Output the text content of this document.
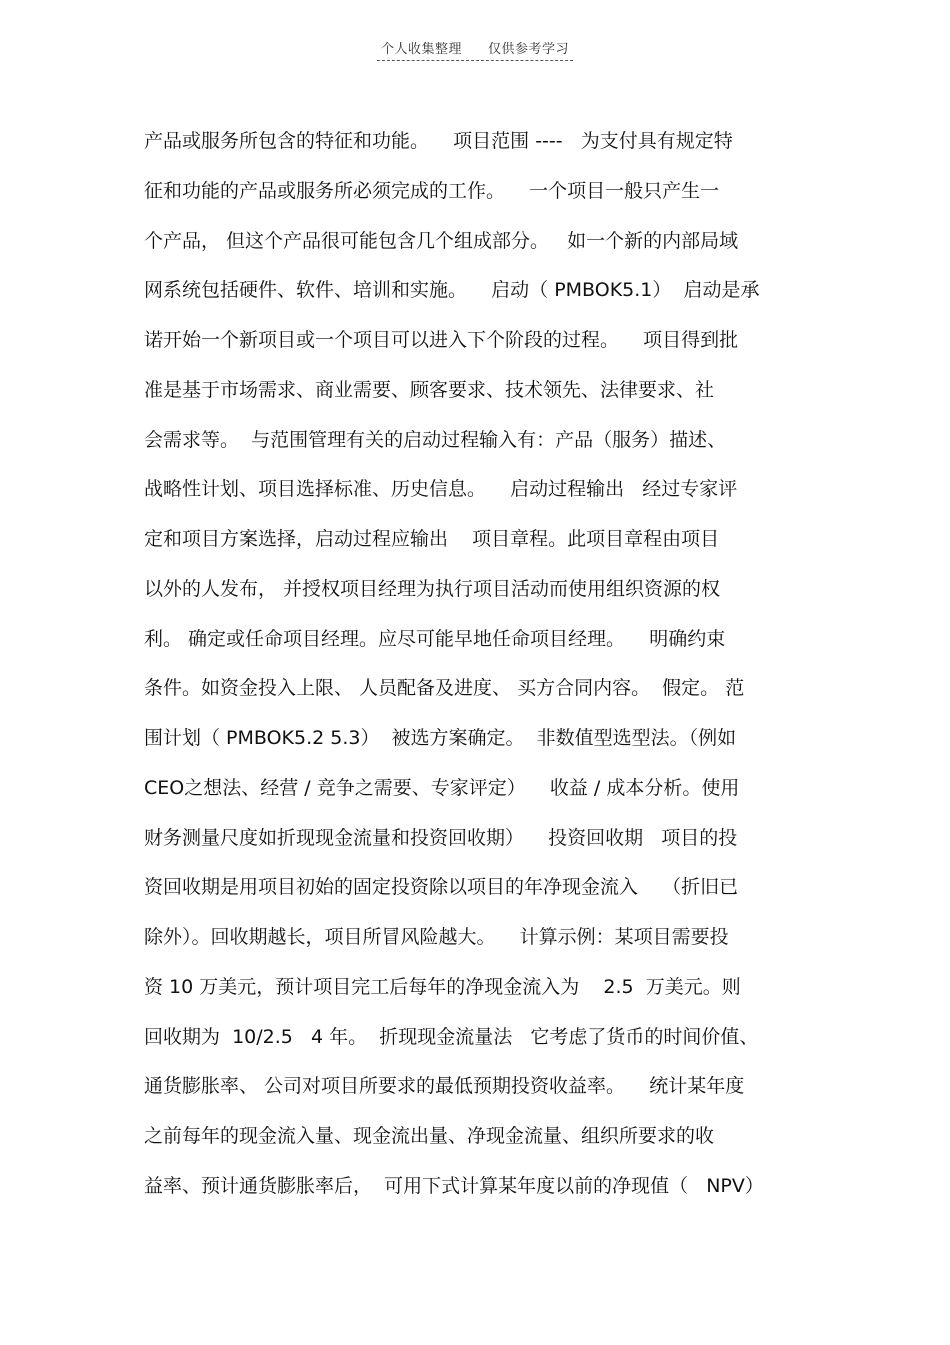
个人收集整理 仅供参考学习
产品或服务所包含的特征和功能。    项目范围 ----   为支付具有规定特
征和功能的产品或服务所必须完成的工作。    一个项目一般只产生一
个产品， 但这个产品很可能包含几个组成部分。   如一个新的内部局域
网系统包括硬件、软件、培训和实施。    启动（ PMBOK5.1）  启动是承
诺开始一个新项目或一个项目可以进入下个阶段的过程。    项目得到批
准是基于市场需求、商业需要、顾客要求、技术领先、法律要求、社
会需求等。  与范围管理有关的启动过程输入有：产品（服务）描述、
战略性计划、项目选择标准、历史信息。    启动过程输出   经过专家评
定和项目方案选择，启动过程应输出    项目章程。此项目章程由项目
以外的人发布， 并授权项目经理为执行项目活动而使用组织资源的权
利。 确定或任命项目经理。应尽可能早地任命项目经理。    明确约束
条件。如资金投入上限、 人员配备及进度、 买方合同内容。  假定。 范
围计划（ PMBOK5.2 5.3）  被选方案确定。  非数值型选型法。（例如
CEO之想法、经营 / 竞争之需要、专家评定）    收益 / 成本分析。使用
财务测量尺度如折现现金流量和投资回收期）    投资回收期   项目的投
资回收期是用项目初始的固定投资除以项目的年净现金流入    （折旧已
除外）。回收期越长，项目所冒风险越大。    计算示例：某项目需要投
资 10 万美元，预计项目完工后每年的净现金流入为    2.5  万美元。则
回收期为  10/2.5   4 年。  折现现金流量法   它考虑了货币的时间价值、
通货膨胀率、 公司对项目所要求的最低预期投资收益率。    统计某年度
之前每年的现金流入量、现金流出量、净现金流量、组织所要求的收
益率、预计通货膨胀率后，  可用下式计算某年度以前的净现值（   NPV）
